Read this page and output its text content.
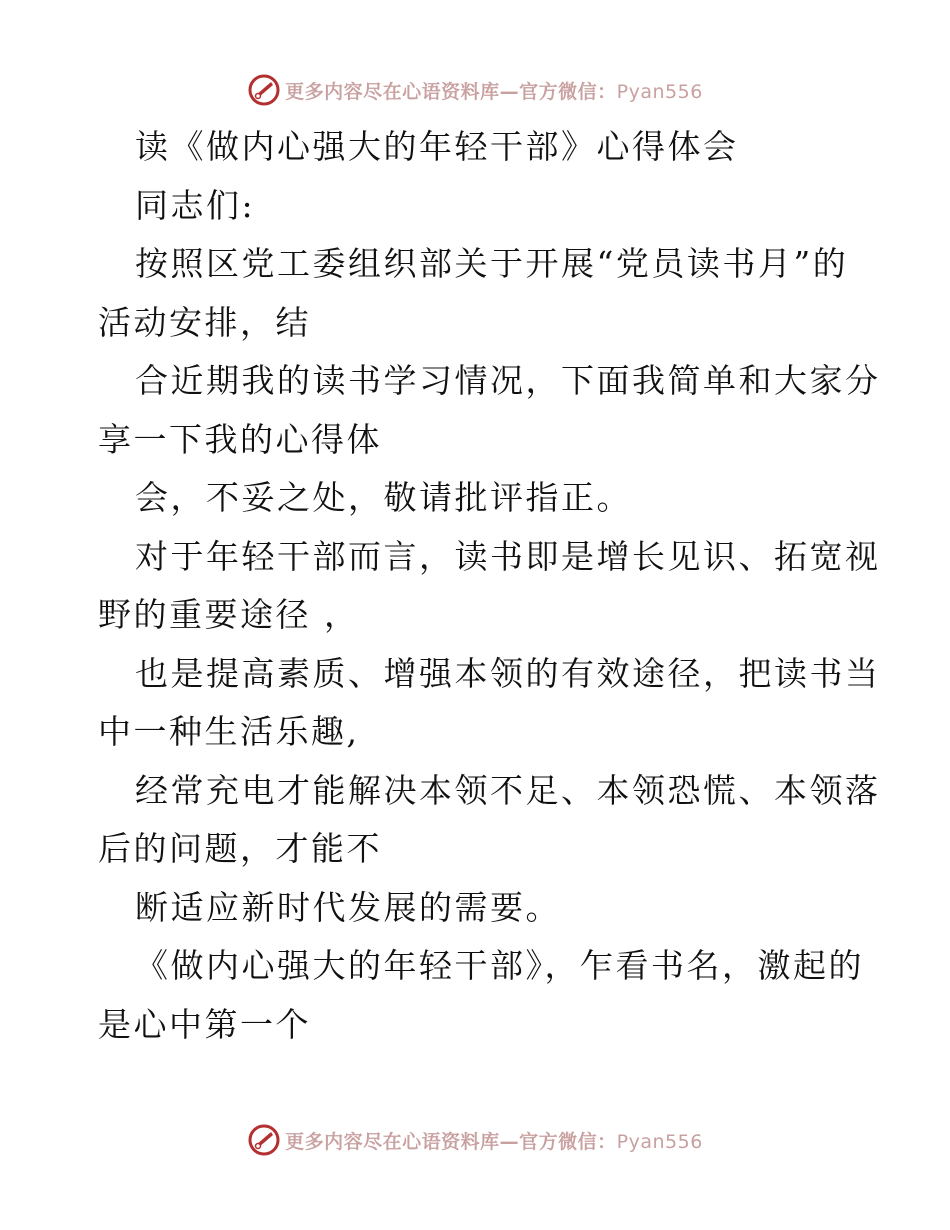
更多内容尽在心语资料库—官方微信：Pyan556
读《做内心强大的年轻干部》心得体会
同志们:
按照区党工委组织部关于开展“党员读书月”的
活动安排，结
合近期我的读书学习情况，下面我简单和大家分
享一下我的心得体
会，不妥之处，敬请批评指正。
对于年轻干部而言，读书即是增长见识、拓宽视
野的重要途径 ，
也是提高素质、增强本领的有效途径，把读书当
中一种生活乐趣,
经常充电才能解决本领不足、本领恐慌、本领落
后的问题，才能不
断适应新时代发展的需要。
《做内心强大的年轻干部》，乍看书名，激起的
是心中第一个
更多内容尽在心语资料库—官方微信：Pyan556
